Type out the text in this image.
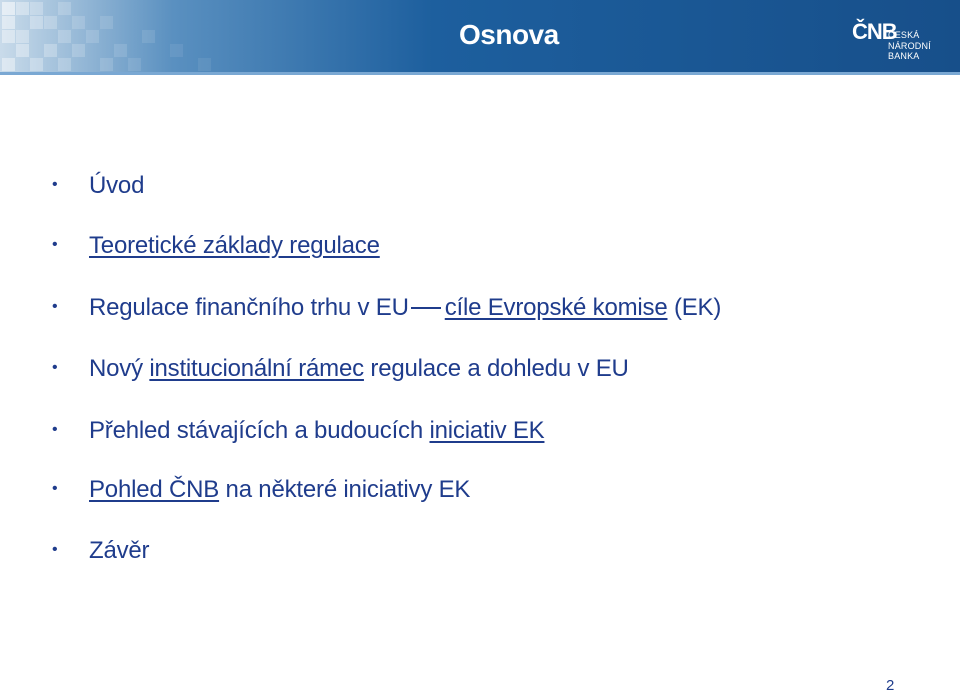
Osnova	ČNB
ČESKÁ
NÁRODNÍ BANKA
• Úvod
• Teoretické základy regulace
• Regulace finančního trhu v EU cíle Evropské komise (EK)
• Nový institucionální rámec regulace a dohledu v EU
• Přehled stávajících a budoucích iniciativ EK
• Pohled ČNB na některé iniciativy EK
• Závěr
2
